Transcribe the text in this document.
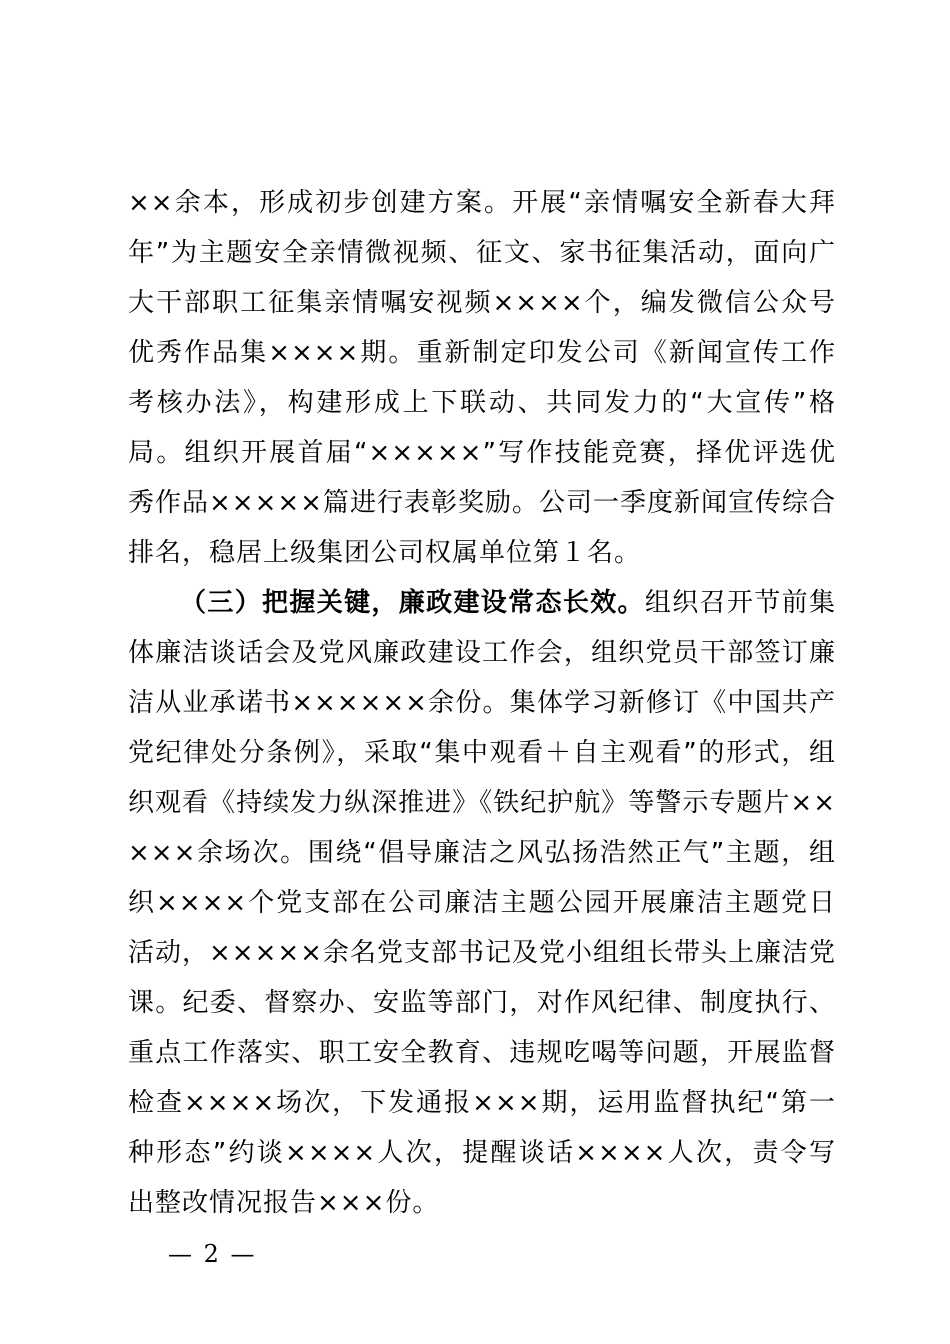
××余本，形成初步创建方案。开展“亲情嘱安全新春大拜年”为主题安全亲情微视频、征文、家书征集活动，面向广大干部职工征集亲情嘱安视频××××个，编发微信公众号优秀作品集××××期。重新制定印发公司《新闻宣传工作考核办法》，构建形成上下联动、共同发力的“大宣传”格局。组织开展首届“×××××”写作技能竞赛，择优评选优秀作品×××××篇进行表彰奖励。公司一季度新闻宣传综合排名，稳居上级集团公司权属单位第１名。

（三）把握关键，廉政建设常态长效。组织召开节前集体廉洁谈话会及党风廉政建设工作会，组织党员干部签订廉洁从业承诺书××××××余份。集体学习新修订《中国共产党纪律处分条例》，采取“集中观看＋自主观看”的形式，组织观看《持续发力纵深推进》《铁纪护航》等警示专题片×××××余场次。围绕“倡导廉洁之风弘扬浩然正气”主题，组织××××个党支部在公司廉洁主题公园开展廉洁主题党日活动，×××××余名党支部书记及党小组组长带头上廉洁党课。纪委、督察办、安监等部门，对作风纪律、制度执行、重点工作落实、职工安全教育、违规吃喝等问题，开展监督检查××××场次，下发通报×××期，运用监督执纪“第一种形态”约谈××××人次，提醒谈话××××人次，责令写出整改情况报告×××份。

— 2 —
